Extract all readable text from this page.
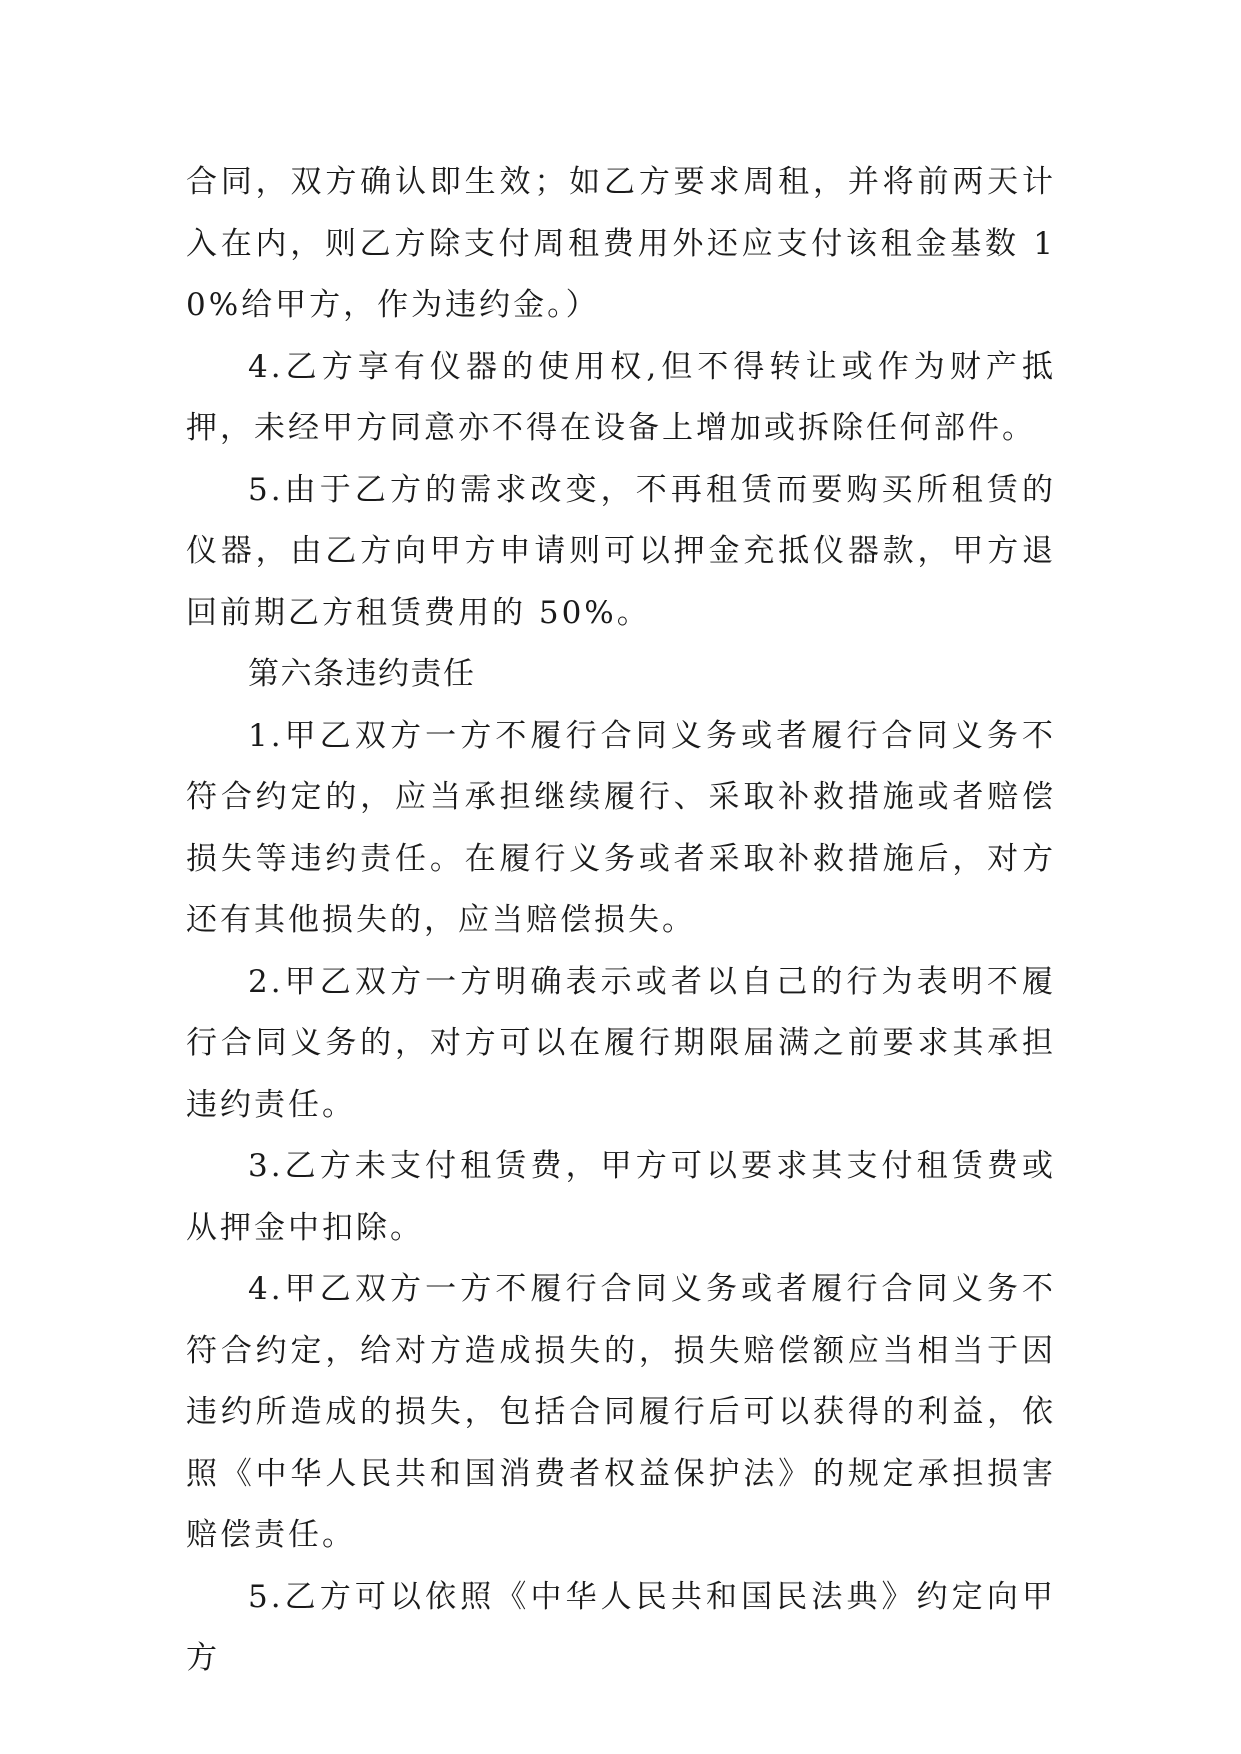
合同，双方确认即生效；如乙方要求周租，并将前两天计入在内，则乙方除支付周租费用外还应支付该租金基数 10%给甲方，作为违约金。）

4.乙方享有仪器的使用权,但不得转让或作为财产抵押，未经甲方同意亦不得在设备上增加或拆除任何部件。

5.由于乙方的需求改变，不再租赁而要购买所租赁的仪器，由乙方向甲方申请则可以押金充抵仪器款，甲方退回前期乙方租赁费用的 50%。

第六条违约责任

1.甲乙双方一方不履行合同义务或者履行合同义务不符合约定的，应当承担继续履行、采取补救措施或者赔偿损失等违约责任。在履行义务或者采取补救措施后，对方还有其他损失的，应当赔偿损失。

2.甲乙双方一方明确表示或者以自己的行为表明不履行合同义务的，对方可以在履行期限届满之前要求其承担违约责任。

3.乙方未支付租赁费，甲方可以要求其支付租赁费或从押金中扣除。

4.甲乙双方一方不履行合同义务或者履行合同义务不符合约定，给对方造成损失的，损失赔偿额应当相当于因违约所造成的损失，包括合同履行后可以获得的利益，依照《中华人民共和国消费者权益保护法》的规定承担损害赔偿责任。

5.乙方可以依照《中华人民共和国民法典》约定向甲方
